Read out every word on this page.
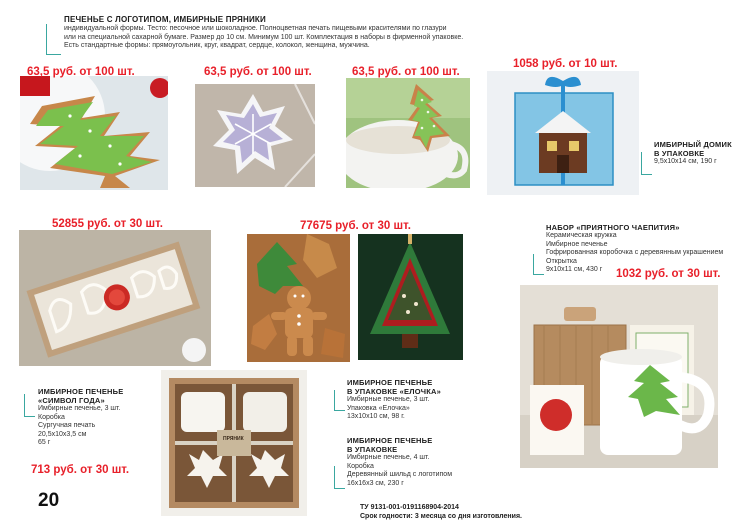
ПЕЧЕНЬЕ С ЛОГОТИПОМ, ИМБИРНЫЕ ПРЯНИКИ
индивидуальной формы. Тесто: песочное или шоколадное. Полноцветная печать пищевыми красителями по глазури
или на специальной сахарной бумаге. Размер до 10 см. Минимум 100 шт. Комплектация в наборы в фирменной упаковке.
Есть стандартные формы: прямоугольник, круг, квадрат, сердце, колокол, женщина, мужчина.
63,5 руб. от 100 шт.	63,5 руб. от 100 шт.	63,5 руб. от 100 шт.
1058 руб. от 10 шт.
ИМБИРНЫЙ ДОМИК
В УПАКОВКЕ
9,5x10x14 см, 190 г
52855 руб. от 30 шт.	77675 руб. от 30 шт.	НАБОР «ПРИЯТНОГО ЧАЕПИТИЯ»
Керамическая кружка
Имбирное печенье
Гофрированная коробочка с деревянным украшением
Открытка
9x10x11 см, 430 г	1032 руб. от 30 шт.
ИМБИРНОЕ ПЕЧЕНЬЕ
«СИМВОЛ ГОДА»
Имбирные печенье, 3 шт.
Коробка
Сургучная печать
20,5x10x3,5 см
65 г
713 руб. от 30 шт.
ПРЯНИК
ИМБИРНОЕ ПЕЧЕНЬЕ
В УПАКОВКЕ «ЕЛОЧКА»
Имбирные печенье, 3 шт.
Упаковка «Елочка»
13x10x10 см, 98 г.
ИМБИРНОЕ ПЕЧЕНЬЕ
В УПАКОВКЕ
Имбирные печенье, 4 шт.
Коробка
Деревянный шильд с логотипом
16x16x3 см, 230 г
20	ТУ 9131-001-0191168904-2014
Срок годности: 3 месяца со дня изготовления.
